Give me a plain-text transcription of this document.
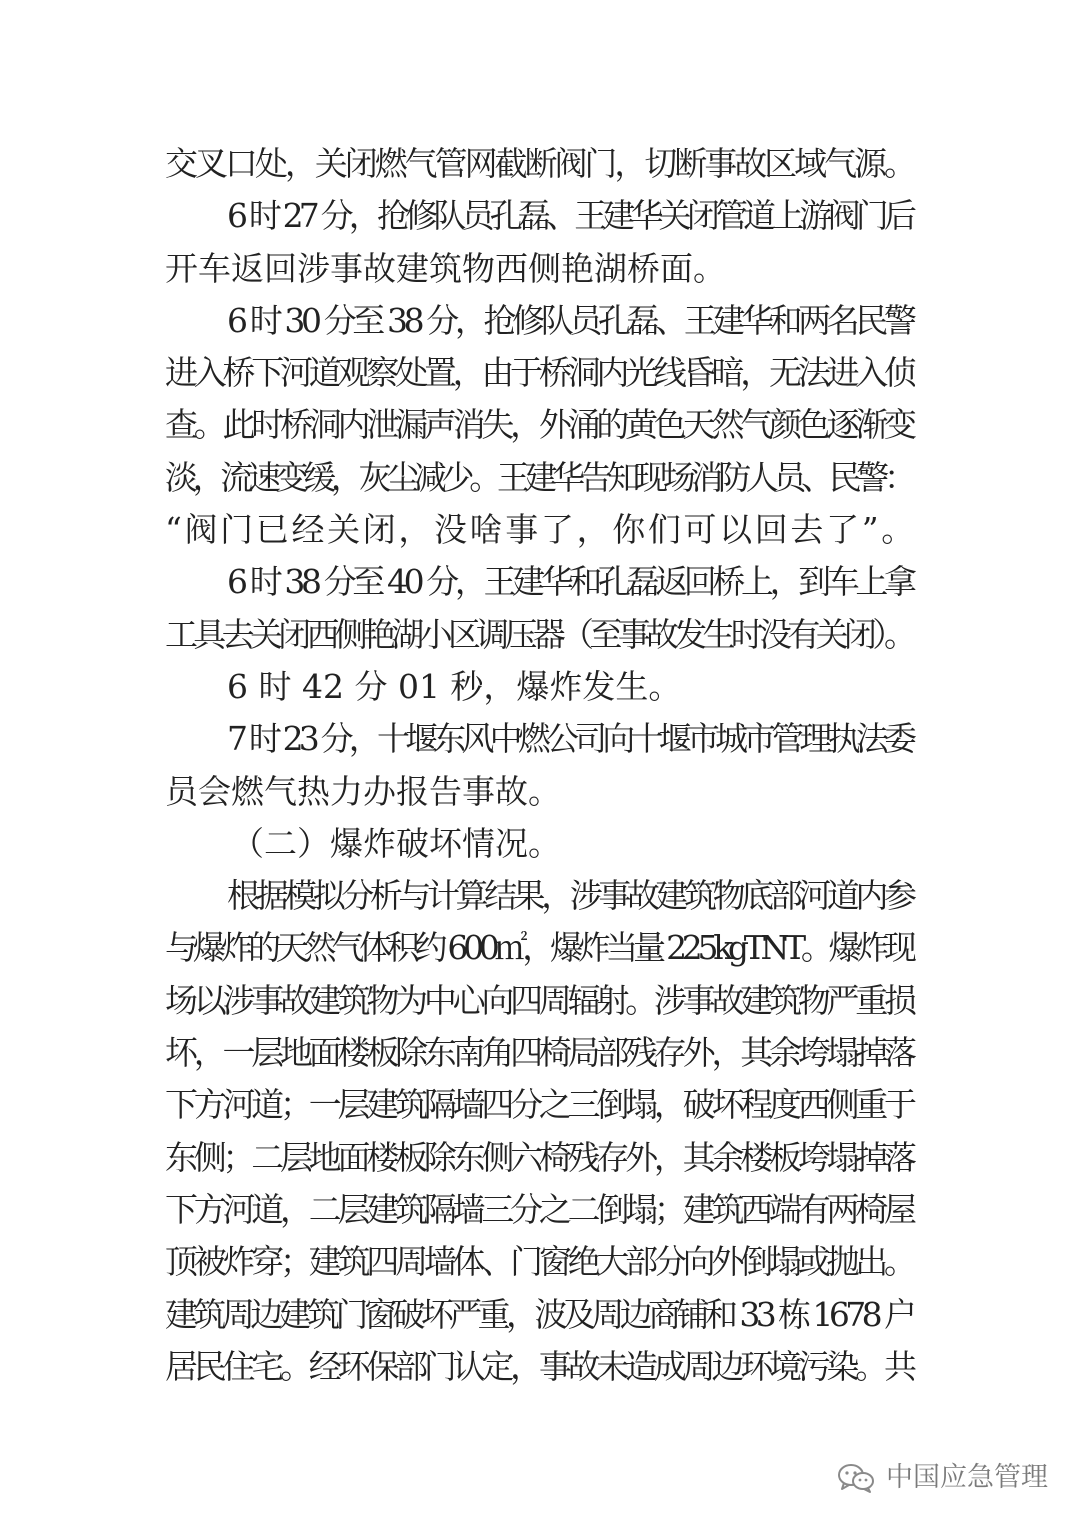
交叉口处，关闭燃气管网截断阀门，切断事故区域气源。
6 时 27 分，抢修队员孔磊、王建华关闭管道上游阀门后
开车返回涉事故建筑物西侧艳湖桥面。
6 时 30 分至 38 分，抢修队员孔磊、王建华和两名民警
进入桥下河道观察处置，由于桥洞内光线昏暗，无法进入侦
查。此时桥洞内泄漏声消失，外涌的黄色天然气颜色逐渐变
淡，流速变缓，灰尘减少。王建华告知现场消防人员、民警：
“阀门已经关闭，没啥事了，你们可以回去了”。
6 时 38 分至 40 分，王建华和孔磊返回桥上，到车上拿
工具去关闭西侧艳湖小区调压器（至事故发生时没有关闭）。
6 时 42 分 01 秒，爆炸发生。
7 时 23 分，十堰东风中燃公司向十堰市城市管理执法委
员会燃气热力办报告事故。
（二）爆炸破坏情况。
根据模拟分析与计算结果，涉事故建筑物底部河道内参
与爆炸的天然气体积约 600㎡，爆炸当量 225kgTNT。爆炸现
场以涉事故建筑物为中心向四周辐射。涉事故建筑物严重损
坏，一层地面楼板除东南角四椅局部残存外，其余垮塌掉落
下方河道；一层建筑隔墙四分之三倒塌，破坏程度西侧重于
东侧；二层地面楼板除东侧六椅残存外，其余楼板垮塌掉落
下方河道，二层建筑隔墙三分之二倒塌；建筑西端有两椅屋
顶被炸穿；建筑四周墙体、门窗绝大部分向外倒塌或抛出。
建筑周边建筑门窗破坏严重，波及周边商铺和 33 栋 1678 户
居民住宅。经环保部门认定，事故未造成周边环境污染。共
中国应急管理
